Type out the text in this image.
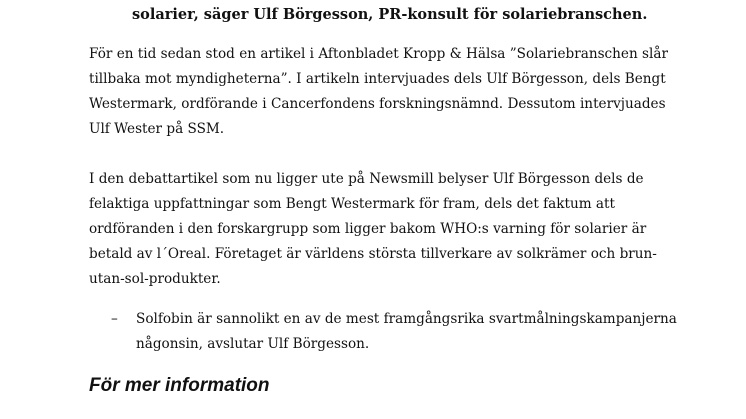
solarier, säger Ulf Börgesson, PR-konsult för solariebranschen.
För en tid sedan stod en artikel i Aftonbladet Kropp & Hälsa ”Solariebranschen slår
tillbaka mot myndigheterna”. I artikeln intervjuades dels Ulf Börgesson, dels Bengt
Westermark, ordförande i Cancerfondens forskningsnämnd. Dessutom intervjuades
Ulf Wester på SSM.
I den debattartikel som nu ligger ute på Newsmill belyser Ulf Börgesson dels de
felaktiga uppfattningar som Bengt Westermark för fram, dels det faktum att
ordföranden i den forskargrupp som ligger bakom WHO:s varning för solarier är
betald av l´Oreal. Företaget är världens största tillverkare av solkrämer och brun-
utan-sol-produkter.
– Solfobin är sannolikt en av de mest framgångsrika svartmålningskampanjerna
någonsin, avslutar Ulf Börgesson.
För mer information
